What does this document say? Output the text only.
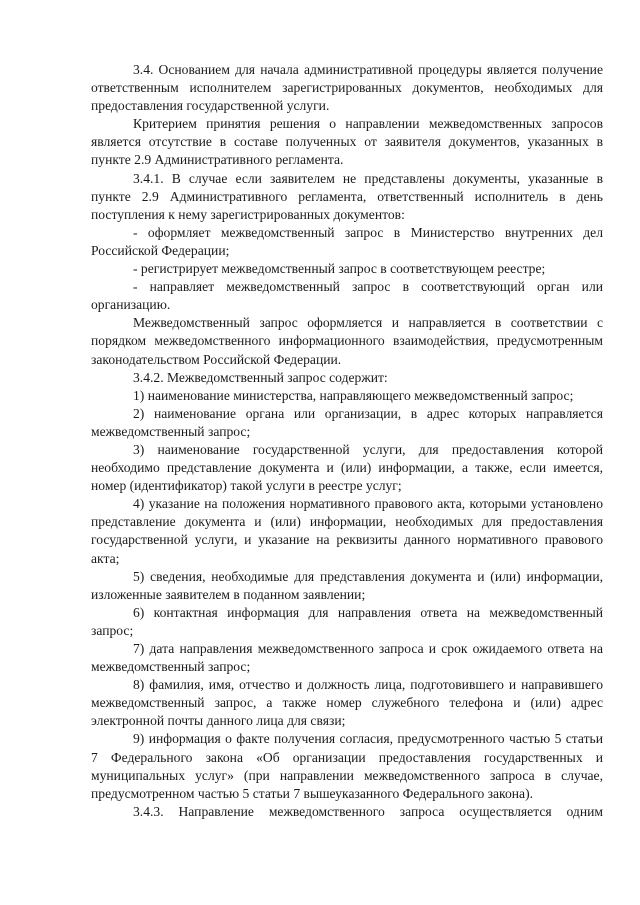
3.4. Основанием для начала административной процедуры является получение ответственным исполнителем зарегистрированных документов, необходимых для предоставления государственной услуги.

Критерием принятия решения о направлении межведомственных запросов является отсутствие в составе полученных от заявителя документов, указанных в пункте 2.9 Административного регламента.

3.4.1. В случае если заявителем не представлены документы, указанные в пункте 2.9 Административного регламента, ответственный исполнитель в день поступления к нему зарегистрированных документов:

- оформляет межведомственный запрос в Министерство внутренних дел Российской Федерации;

- регистрирует межведомственный запрос в соответствующем реестре;

- направляет межведомственный запрос в соответствующий орган или организацию.

Межведомственный запрос оформляется и направляется в соответствии с порядком межведомственного информационного взаимодействия, предусмотренным законодательством Российской Федерации.

3.4.2. Межведомственный запрос содержит:

1) наименование министерства, направляющего межведомственный запрос;

2) наименование органа или организации, в адрес которых направляется межведомственный запрос;

3) наименование государственной услуги, для предоставления которой необходимо представление документа и (или) информации, а также, если имеется, номер (идентификатор) такой услуги в реестре услуг;

4) указание на положения нормативного правового акта, которыми установлено представление документа и (или) информации, необходимых для предоставления государственной услуги, и указание на реквизиты данного нормативного правового акта;

5) сведения, необходимые для представления документа и (или) информации, изложенные заявителем в поданном заявлении;

6) контактная информация для направления ответа на межведомственный запрос;

7) дата направления межведомственного запроса и срок ожидаемого ответа на межведомственный запрос;

8) фамилия, имя, отчество и должность лица, подготовившего и направившего межведомственный запрос, а также номер служебного телефона и (или) адрес электронной почты данного лица для связи;

9) информация о факте получения согласия, предусмотренного частью 5 статьи 7 Федерального закона «Об организации предоставления государственных и муниципальных услуг» (при направлении межведомственного запроса в случае, предусмотренном частью 5 статьи 7 вышеуказанного Федерального закона).

3.4.3. Направление межведомственного запроса осуществляется одним
